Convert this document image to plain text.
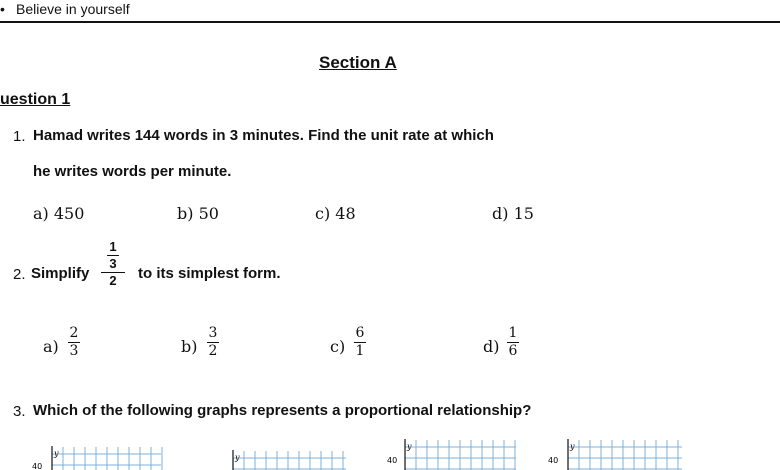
• Believe in yourself
Section A
uestion 1
1. Hamad writes 144 words in 3 minutes. Find the unit rate at which
he writes words per minute.
a) 450	b) 50	c) 48	d) 15
2. Simplify
1
3
2 to its simplest form.
a)
2
3	b)
3
2	c)
6
1	d)
1
6
3. Which of the following graphs represents a proportional relationship?
y
40
y
y
40
y
40
